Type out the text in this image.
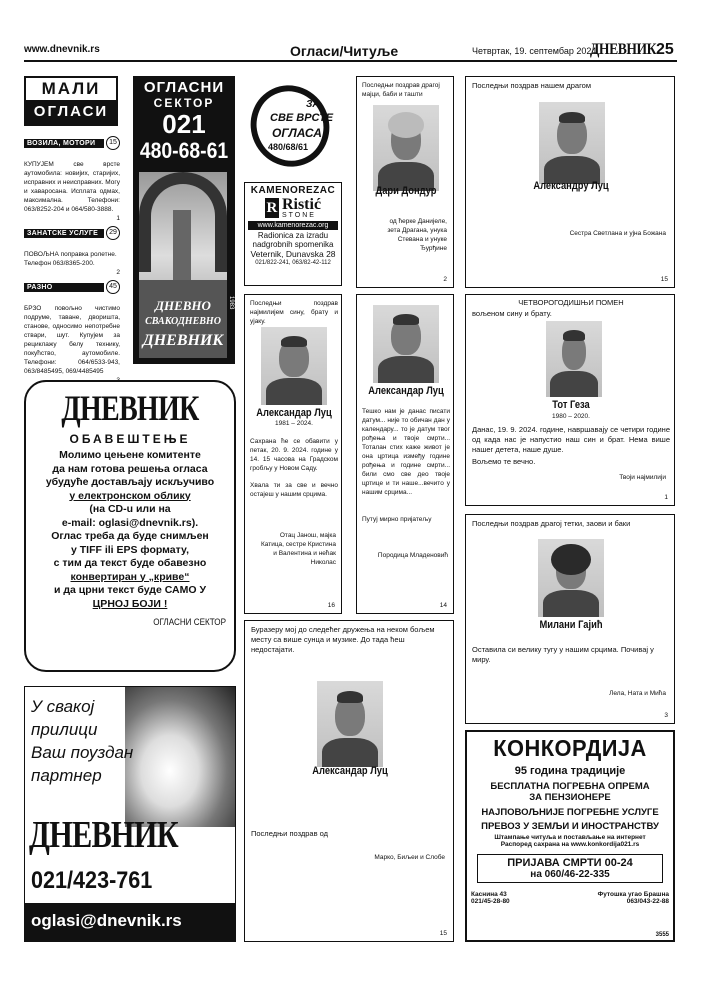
www.dnevnik.rs	Огласи/Читуље	Четвртак, 19. септембар 2024.
ДНЕВНИК 25
МАЛИ
ОГЛАСИ
ВОЗИЛА, МОТОРИ	15
КУПУЈЕМ све врсте аутомобила: новијих, старијих, исправних и неисправних. Могу и хаваросана. Исплата одмах, максимална. Телефони: 063/8252-204 и 064/580-3888.
1
ЗАНАТСКЕ УСЛУГЕ	29
ПОВОЉНА поправка ролетне. Телефон 063/8365-200.
2
РАЗНО	45
БРЗО повољно чистимо подруме, таване, дворишта, станове, односимо непотребне ствари, шут. Купујем за рециклажу белу технику, покућство, аутомобиле. Телефони: 064/6533-943, 063/8485495, 069/4485495
3
ОГЛАСНИ
СЕКТОР
021
480-68-61
ДНЕВНО
СВАКОДНЕВНО
ДНЕВНИК
1983
ЗА
СВЕ ВРСТЕ
ОГЛАСА
480/68/61
KAMENOREZAC
R Ristić
STONE
www.kamenorezac.org
Radionica za izradu
nadgrobnih spomenika
Veternik, Dunavska 28
021/822-241, 063/82-42-112
ДНЕВНИК
ОБАВЕШТЕЊЕ
Молимо цењене комитенте
да нам готова решења огласа
убудуће достављају искључиво
у електронском облику
(на CD-u или на
e-mail: oglasi@dnevnik.rs).
Оглас треба да буде снимљен
у TIFF ili EPS формату,
с тим да текст буде обавезно
конвертиран у „криве“
и да црни текст буде САМО У
ЦРНОЈ БОЈИ !
ОГЛАСНИ СЕКТОР
У свакој
прилици
Ваш поуздан
партнер
ДНЕВНИК
021/423-761
oglasi@dnevnik.rs
Последњи поздрав драгој мајци, баби и ташти
Дари Дондур
од ћерке Данијеле, зета Драгана, унука Стевана и унуке Ђурђине
2
Последњи поздрав нашем драгом
Александру Луц
Сестра Светлана и ујна Божана
15
Последњи поздрав најмилијем сину, брату и ујаку.
Александар Луц
1981 – 2024.
Сахрана ће се обавити у петак, 20. 9. 2024. године у 14. 15 часова на Градском гробљу у Новом Саду.
Хвала ти за све и вечно остајеш у нашим срцима.
Отац Јанош, мајка Катица, сестре Кристина и Валентина и нећак Николас
16
Александар Луц
Тешко нам је данас писати датум... није то обичан дан у календару... то је датум твог рођења и твоје смрти... Тоталан стих каже живот је она цртица између године рођења и године смрти... били смо све део твоје цртице и ти нашe...вечито у нашим срцима...
Путуј мирно пријатељу
Породица Младеновић
14
ЧЕТВОРОГОДИШЊИ ПОМЕН
вољеном сину и брату.
Тот Геза
1980 – 2020.
Данас, 19. 9. 2024. године, навршавају се четири године од када нас је напустио наш син и брат. Нема више нашег детета, наше душе.
Вољeмо те вечно.
Твоји најмилији
1
Последњи поздрав драгој тетки, заови и баки
Милани Гајић
Оставила си велику тугу у нашим срцима. Почивај у миру.
Лела, Ната и Мића
3
Буразеру мој до следећег дружења на неком бољем месту са више сунца и музике. До тада ћеш недостајати.
Александар Луц
Последњи поздрав од
Марко, Биљеи и Слобе
15
КОНКОРДИЈА
95 година традиције
БЕСПЛАТНА ПОГРЕБНА ОПРЕМА
ЗА ПЕНЗИОНЕРЕ
НАЈПОВОЉНИЈЕ ПОГРЕБНЕ УСЛУГЕ
ПРЕВОЗ У ЗЕМЉИ И ИНОСТРАНСТВУ
Штампање читуља и постављање на интернет
Распоред сахрана на www.konkordija021.rs
ПРИЈАВА СМРТИ 00-24
на 060/46-22-335
Каснина 43
021/45-28-80
Футошка угао Брашна
063/043-22-88
3555
